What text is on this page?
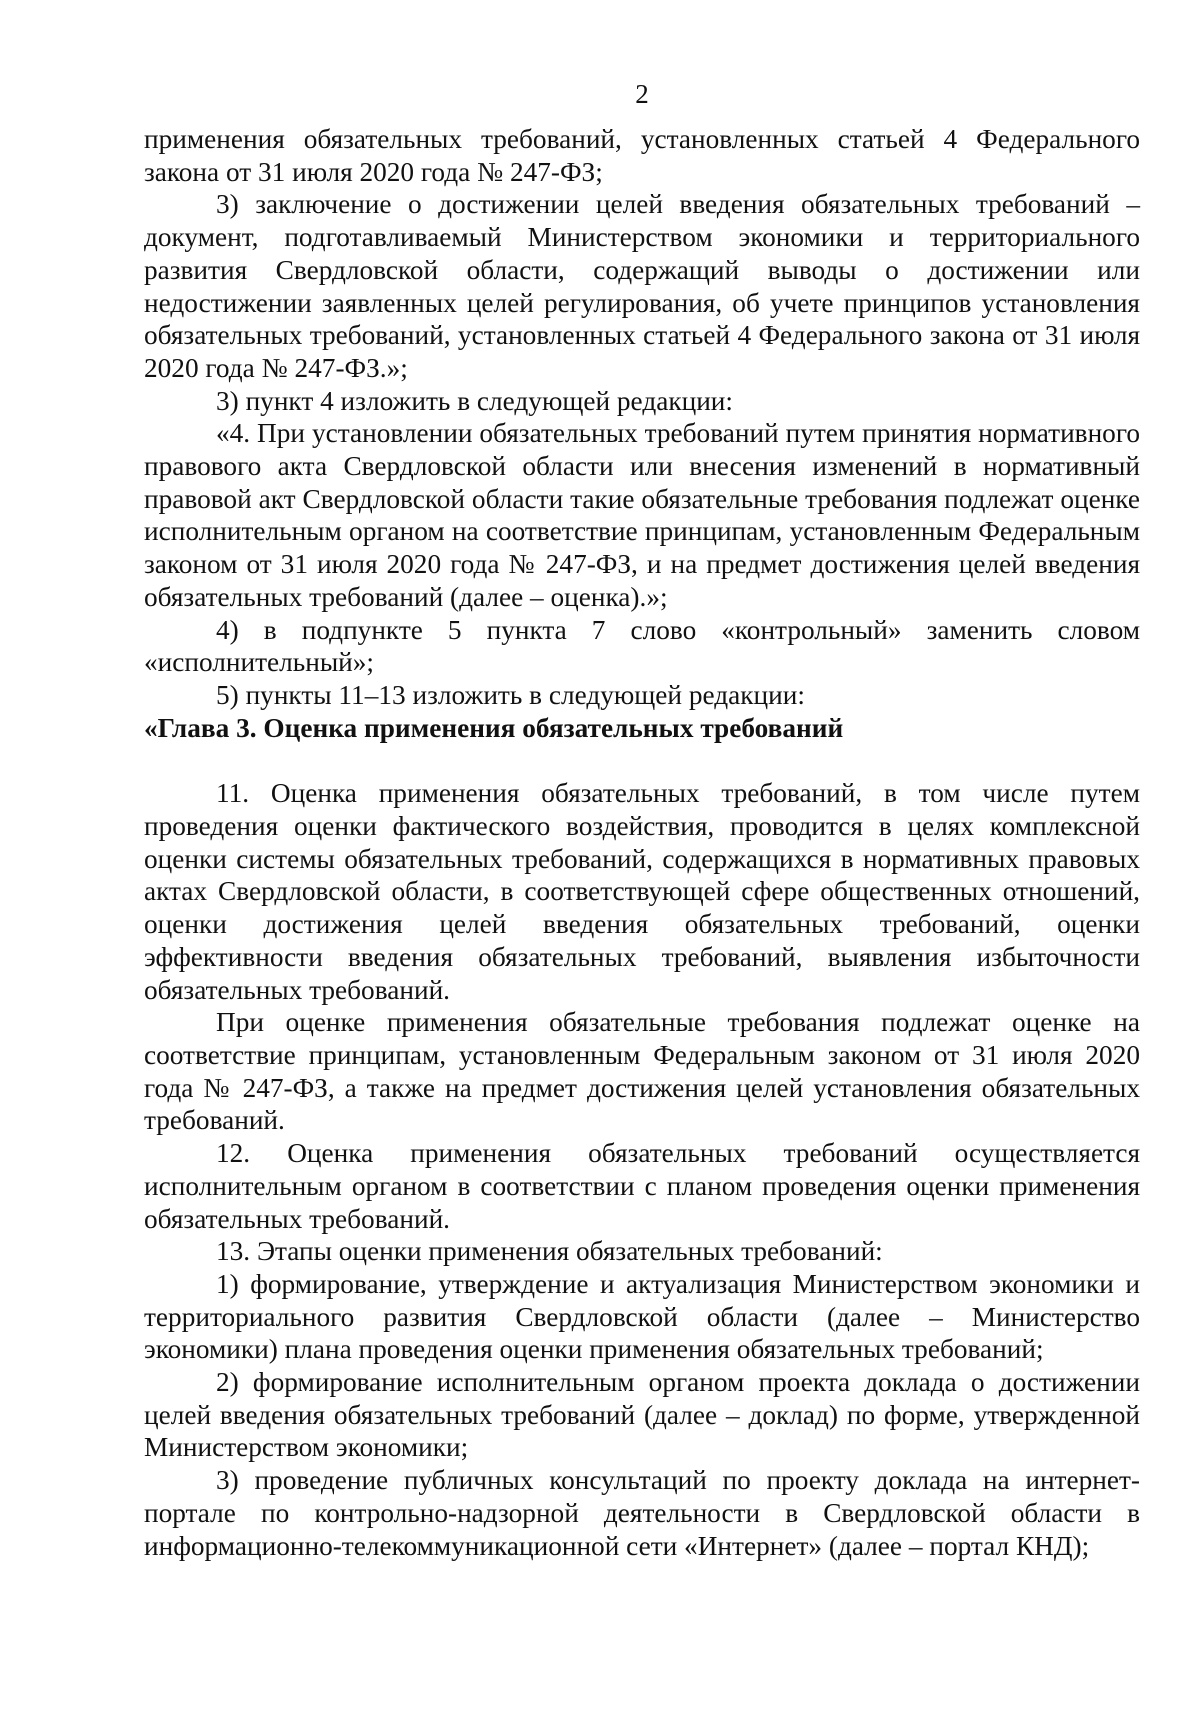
2

применения обязательных требований, установленных статьей 4 Федерального закона от 31 июля 2020 года № 247-ФЗ;

3) заключение о достижении целей введения обязательных требований – документ, подготавливаемый Министерством экономики и территориального развития Свердловской области, содержащий выводы о достижении или недостижении заявленных целей регулирования, об учете принципов установления обязательных требований, установленных статьей 4 Федерального закона от 31 июля 2020 года № 247-ФЗ.»;

3) пункт 4 изложить в следующей редакции:

«4. При установлении обязательных требований путем принятия нормативного правового акта Свердловской области или внесения изменений в нормативный правовой акт Свердловской области такие обязательные требования подлежат оценке исполнительным органом на соответствие принципам, установленным Федеральным законом от 31 июля 2020 года № 247-ФЗ, и на предмет достижения целей введения обязательных требований (далее – оценка).»;

4) в подпункте 5 пункта 7 слово «контрольный» заменить словом «исполнительный»;

5) пункты 11–13 изложить в следующей редакции:

«Глава 3. Оценка применения обязательных требований

11. Оценка применения обязательных требований, в том числе путем проведения оценки фактического воздействия, проводится в целях комплексной оценки системы обязательных требований, содержащихся в нормативных правовых актах Свердловской области, в соответствующей сфере общественных отношений, оценки достижения целей введения обязательных требований, оценки эффективности введения обязательных требований, выявления избыточности обязательных требований.

При оценке применения обязательные требования подлежат оценке на соответствие принципам, установленным Федеральным законом от 31 июля 2020 года № 247-ФЗ, а также на предмет достижения целей установления обязательных требований.

12. Оценка применения обязательных требований осуществляется исполнительным органом в соответствии с планом проведения оценки применения обязательных требований.

13. Этапы оценки применения обязательных требований:

1) формирование, утверждение и актуализация Министерством экономики и территориального развития Свердловской области (далее – Министерство экономики) плана проведения оценки применения обязательных требований;

2) формирование исполнительным органом проекта доклада о достижении целей введения обязательных требований (далее – доклад) по форме, утвержденной Министерством экономики;

3) проведение публичных консультаций по проекту доклада на интернет-портале по контрольно-надзорной деятельности в Свердловской области в информационно-телекоммуникационной сети «Интернет» (далее – портал КНД);
